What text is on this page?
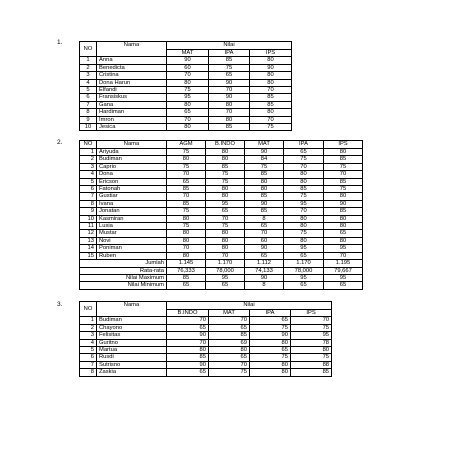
1.
NO	Nama	Nilai		
		MAT	IPA	IPS
1	Anna	90	85	80
2	Benedicta	60	75	90
3	Cristina	70	65	80
4	Dona Harun	80	90	80
5	Elfandi	75	70	70
6	Fransiskus	95	90	85
7	Gana	80	80	85
8	Hardiman	65	70	80
9	Imron	70	80	70
10	Jesica	80	85	75
2.	NO	Nama	AGM	B.INDO	MAT	IPA	IPS
1	Ariyuda	75	80	90	65	80
2	Budiman	80	80	84	75	85
3	Caprio	75	85	75	70	75
4	Dona	70	75	85	80	70
5	Ericson	65	75	80	80	85
6	Fatonah	85	80	80	85	75
7	Gustiar	70	80	85	75	80
8	Ivana	85	95	90	95	90
9	Jonatan	75	65	85	70	85
10	Kasmiran	80	70	8	80	80
11	Lusia	75	75	65	80	80
12	Mustar	80	80	70	75	65
13	Novi	80	80	60	80	80
14	Poniman	70	80	90	95	95
15	Ruben	80	70	65	65	70
Jumlah		1.145	1.170	1.112	1.170	1.195
Rata-rata		76,333	78,000	74,133	78,000	79,667
Nilai Maximum		85	95	90	95	95
Nilai Minimum		65	65	8	65	65
3.
NO	Nama	Nilai			
		B.INDO	MAT	IPA	IPS
1	Budiman	70	70	65	70
2	Chayono	65	65	75	75
3	Felisitas	90	85	90	95
4	Guritno	70	69	80	78
5	Martua	80	80	65	80
6	Rusdi	85	65	75	75
7	Sutrisno	90	70	80	88
8	Zaskia	65	75	80	85
